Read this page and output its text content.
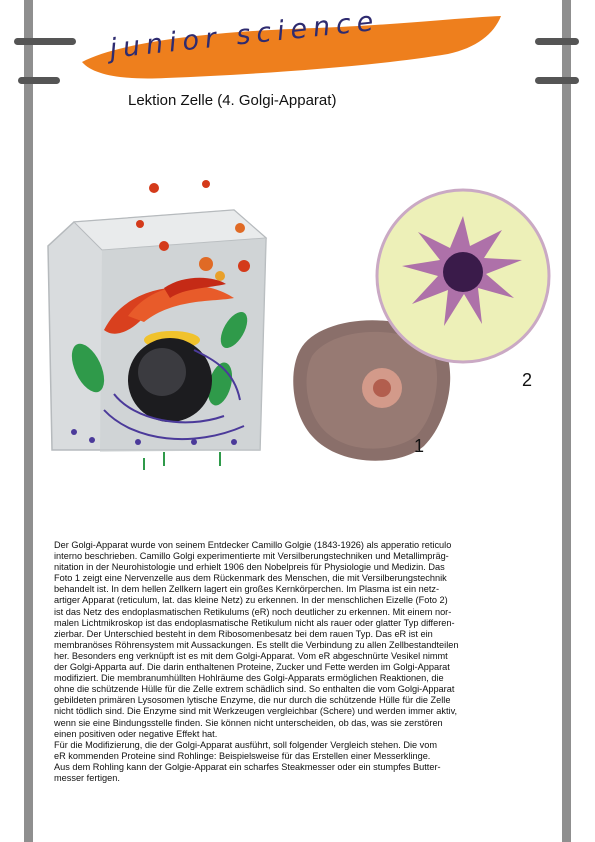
junior science
Lektion Zelle (4. Golgi-Apparat)
1
2

Der Golgi-Apparat wurde von seinem Entdecker Camillo Golgie (1843-1926) als apperatio reticulo

interno beschrieben. Camillo Golgi experimentierte mit Versilberungstechniken und Metallimpräg-

nitation in der Neurohistologie und erhielt 1906 den Nobelpreis für Physiologie und Medizin. Das

Foto 1 zeigt eine Nervenzelle aus dem Rückenmark des Menschen, die mit Versilberungstechnik

behandelt ist. In dem hellen Zellkern lagert ein großes Kernkörperchen. Im Plasma ist ein netz-

artiger Apparat (reticulum, lat. das kleine Netz) zu erkennen. In der menschlichen Eizelle (Foto 2)

ist das Netz des endoplasmatischen Retikulums (eR) noch deutlicher zu erkennen. Mit einem nor-

malen Lichtmikroskop ist das endoplasmatische Retikulum nicht als rauer oder glatter Typ differen-

zierbar. Der Unterschied besteht in dem Ribosomenbesatz bei dem rauen Typ. Das eR ist ein

membranöses Röhrensystem mit Aussackungen. Es stellt die Verbindung zu allen Zellbestandteilen

her. Besonders eng verknüpft ist es mit dem Golgi-Apparat. Vom eR abgeschnürte Vesikel nimmt

der Golgi-Apparta auf. Die darin enthaltenen Proteine, Zucker und Fette werden im Golgi-Apparat

modifiziert. Die membranumhüllten Hohlräume des Golgi-Apparats ermöglichen Reaktionen, die

ohne die schützende Hülle für die Zelle extrem schädlich sind. So enthalten die vom Golgi-Apparat

gebildeten primären Lysosomen lytische Enzyme, die nur durch die schützende Hülle für die Zelle

nicht tödlich sind. Die Enzyme sind mit Werkzeugen vergleichbar (Schere) und werden immer aktiv,

wenn sie eine Bindungsstelle finden. Sie können nicht unterscheiden, ob das, was sie zerstören

einen positiven oder negative Effekt hat.

Für die Modifizierung, die der Golgi-Apparat ausführt, soll folgender Vergleich stehen. Die vom

eR kommenden Proteine sind Rohlinge: Beispielsweise für das Erstellen einer Messerklinge.

Aus dem Rohling kann der Golgie-Apparat ein scharfes Steakmesser oder ein stumpfes Butter-

messer fertigen.
